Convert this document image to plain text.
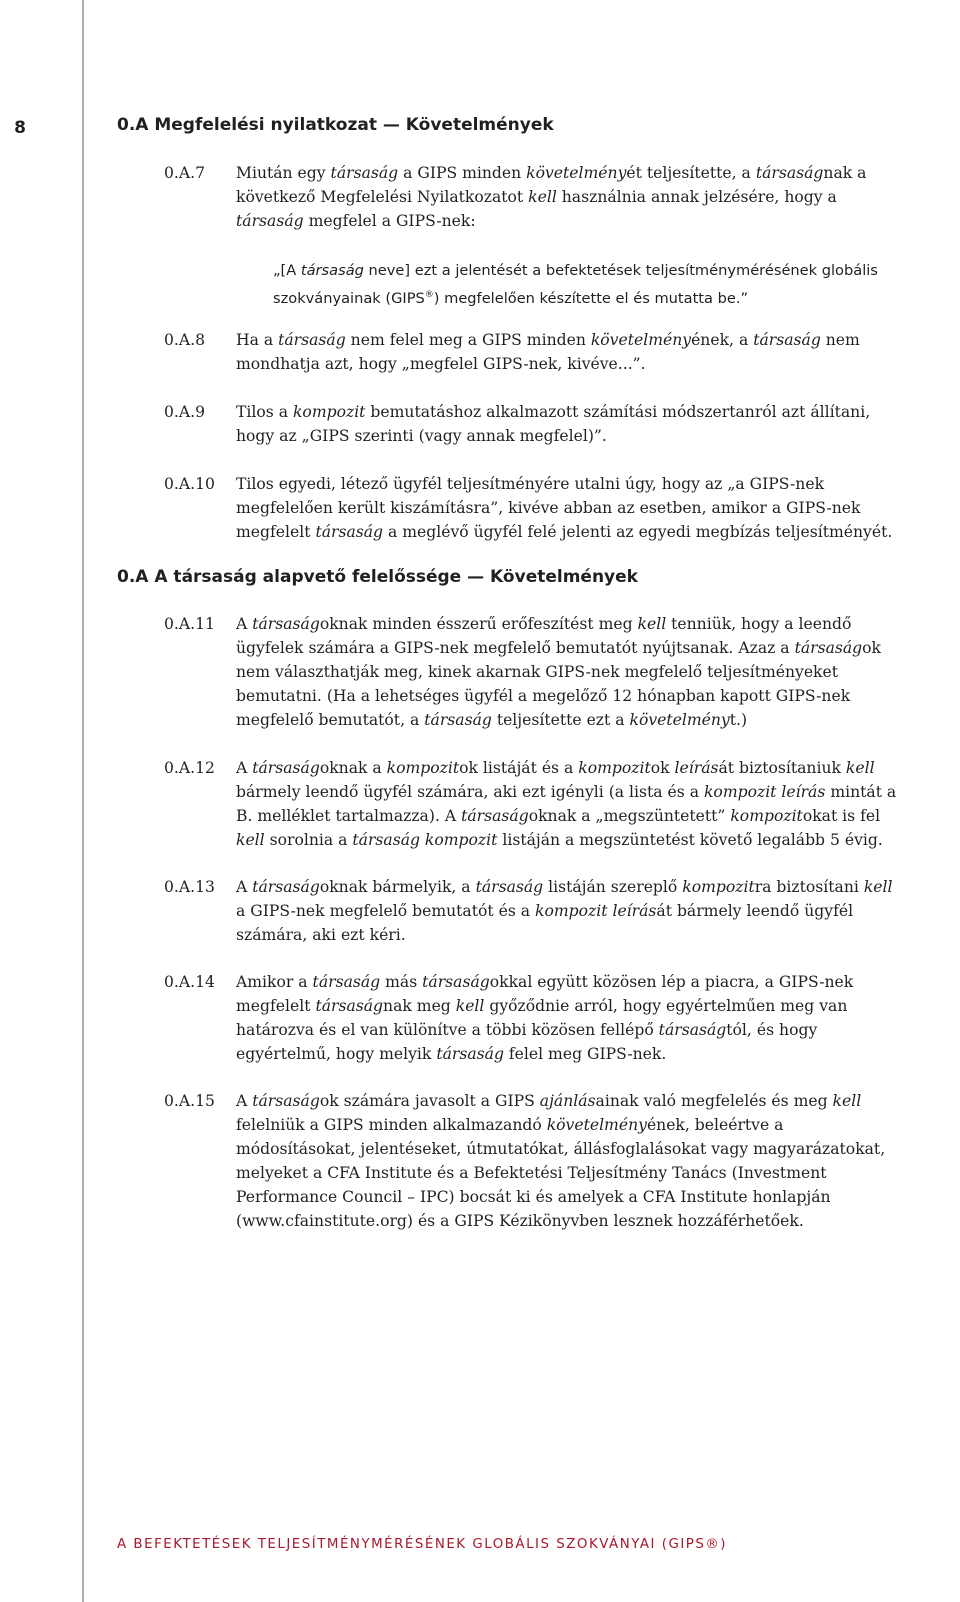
8	0.A Megfelelési nyilatkozat — Követelmények
0.A.7 Miután egy társaság a GIPS minden követelményét teljesítette, a társaságnak a következő Megfelelési Nyilatkozatot kell használnia annak jelzésére, hogy a társaság megfelel a GIPS-nek:
„[A társaság neve] ezt a jelentését a befektetések teljesítménymérésének globális szokványainak (GIPS®) megfelelően készítette el és mutatta be.”
0.A.8 Ha a társaság nem felel meg a GIPS minden követelményének, a társaság nem mondhatja azt, hogy „megfelel GIPS-nek, kivéve...”.
0.A.9 Tilos a kompozit bemutatáshoz alkalmazott számítási módszertanról azt állítani, hogy az „GIPS szerinti (vagy annak megfelel)”.
0.A.10 Tilos egyedi, létező ügyfél teljesítményére utalni úgy, hogy az „a GIPS-nek megfelelően került kiszámításra”, kivéve abban az esetben, amikor a GIPS-nek megfelelt társaság a meglévő ügyfél felé jelenti az egyedi megbízás teljesítményét.
0.A A társaság alapvető felelőssége — Követelmények
0.A.11 A társaságoknak minden ésszerű erőfeszítést meg kell tenniük, hogy a leendő ügyfelek számára a GIPS-nek megfelelő bemutatót nyújtsanak. Azaz a társaságok nem választhatják meg, kinek akarnak GIPS-nek megfelelő teljesítményeket bemutatni. (Ha a lehetséges ügyfél a megelőző 12 hónapban kapott GIPS-nek megfelelő bemutatót, a társaság teljesítette ezt a követelményt.)
0.A.12 A társaságoknak a kompozitok listáját és a kompozitok leírását biztosítaniuk kell bármely leendő ügyfél számára, aki ezt igényli (a lista és a kompozit leírás mintát a B. melléklet tartalmazza). A társaságoknak a „megszüntetett” kompozitokat is fel kell sorolnia a társaság kompozit listáján a megszüntetést követő legalább 5 évig.
0.A.13 A társaságoknak bármelyik, a társaság listáján szereplő kompozitra biztosítani kell a GIPS-nek megfelelő bemutatót és a kompozit leírását bármely leendő ügyfél számára, aki ezt kéri.
0.A.14 Amikor a társaság más társaságokkal együtt közösen lép a piacra, a GIPS-nek megfelelt társaságnak meg kell győződnie arról, hogy egyértelműen meg van határozva és el van különítve a többi közösen fellépő társaságtól, és hogy egyértelmű, hogy melyik társaság felel meg GIPS-nek.
0.A.15 A társaságok számára javasolt a GIPS ajánlásainak való megfelelés és meg kell felelniük a GIPS minden alkalmazandó követelményének, beleértve a módosításokat, jelentéseket, útmutatókat, állásfoglalásokat vagy magyarázatokat, melyeket a CFA Institute és a Befektetési Teljesítmény Tanács (Investment Performance Council – IPC) bocsát ki és amelyek a CFA Institute honlapján (www.cfainstitute.org) és a GIPS Kézikönyvben lesznek hozzáférhetőek.
A BEFEKTETÉSEK TELJESÍTMÉNYMÉRÉSÉNEK GLOBÁLIS SZOKVÁNYAI (GIPS®)
